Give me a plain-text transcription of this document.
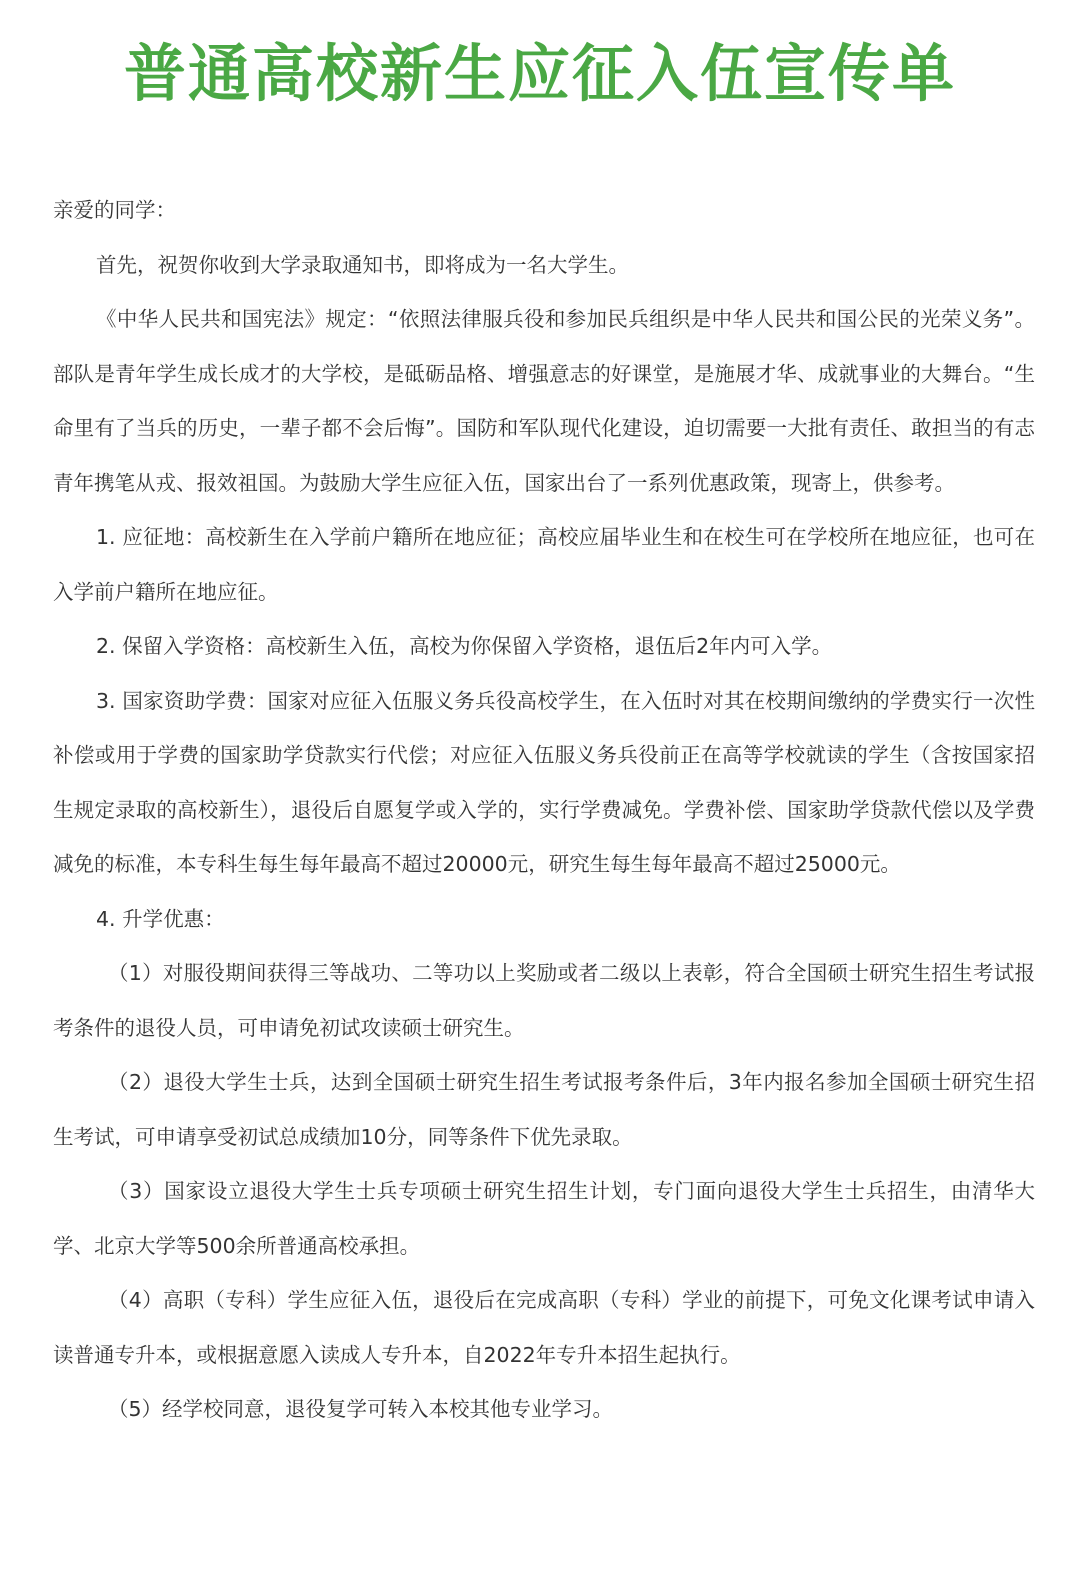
普通高校新生应征入伍宣传单

亲爱的同学：

首先，祝贺你收到大学录取通知书，即将成为一名大学生。

《中华人民共和国宪法》规定：“依照法律服兵役和参加民兵组织是中华人民共和国公民的光荣义务”。部队是青年学生成长成才的大学校，是砥砺品格、增强意志的好课堂，是施展才华、成就事业的大舞台。“生命里有了当兵的历史，一辈子都不会后悔”。国防和军队现代化建设，迫切需要一大批有责任、敢担当的有志青年携笔从戎、报效祖国。为鼓励大学生应征入伍，国家出台了一系列优惠政策，现寄上，供参考。

1. 应征地：高校新生在入学前户籍所在地应征；高校应届毕业生和在校生可在学校所在地应征，也可在入学前户籍所在地应征。

2. 保留入学资格：高校新生入伍，高校为你保留入学资格，退伍后2年内可入学。

3. 国家资助学费：国家对应征入伍服义务兵役高校学生，在入伍时对其在校期间缴纳的学费实行一次性补偿或用于学费的国家助学贷款实行代偿；对应征入伍服义务兵役前正在高等学校就读的学生（含按国家招生规定录取的高校新生），退役后自愿复学或入学的，实行学费减免。学费补偿、国家助学贷款代偿以及学费减免的标准，本专科生每生每年最高不超过20000元，研究生每生每年最高不超过25000元。

4. 升学优惠：

（1）对服役期间获得三等战功、二等功以上奖励或者二级以上表彰，符合全国硕士研究生招生考试报考条件的退役人员，可申请免初试攻读硕士研究生。

（2）退役大学生士兵，达到全国硕士研究生招生考试报考条件后，3年内报名参加全国硕士研究生招生考试，可申请享受初试总成绩加10分，同等条件下优先录取。

（3）国家设立退役大学生士兵专项硕士研究生招生计划，专门面向退役大学生士兵招生，由清华大学、北京大学等500余所普通高校承担。

（4）高职（专科）学生应征入伍，退役后在完成高职（专科）学业的前提下，可免文化课考试申请入读普通专升本，或根据意愿入读成人专升本，自2022年专升本招生起执行。

（5）经学校同意，退役复学可转入本校其他专业学习。
